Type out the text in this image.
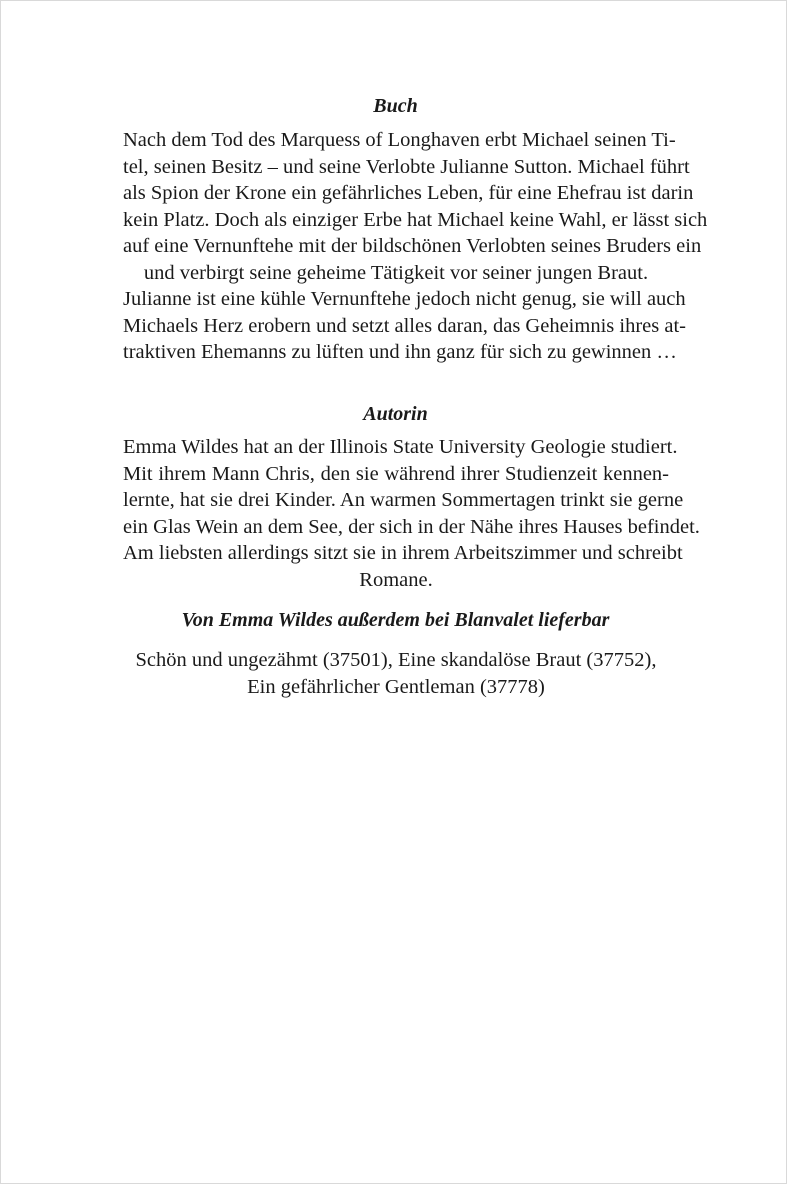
Buch

Nach dem Tod des Marquess of Longhaven erbt Michael seinen Ti-
tel, seinen Besitz – und seine Verlobte Julianne Sutton. Michael führt
als Spion der Krone ein gefährliches Leben, für eine Ehefrau ist darin
kein Platz. Doch als einziger Erbe hat Michael keine Wahl, er lässt sich
auf eine Vernunftehe mit der bildschönen Verlobten seines Bruders ein
und verbirgt seine geheime Tätigkeit vor seiner jungen Braut.
Julianne ist eine kühle Vernunftehe jedoch nicht genug, sie will auch
Michaels Herz erobern und setzt alles daran, das Geheimnis ihres at-
traktiven Ehemanns zu lüften und ihn ganz für sich zu gewinnen …

Autorin

Emma Wildes hat an der Illinois State University Geologie studiert.
Mit ihrem Mann Chris, den sie während ihrer Studienzeit kennen-
lernte, hat sie drei Kinder. An warmen Sommertagen trinkt sie gerne
ein Glas Wein an dem See, der sich in der Nähe ihres Hauses befindet.
Am liebsten allerdings sitzt sie in ihrem Arbeitszimmer und schreibt
Romane.

Von Emma Wildes außerdem bei Blanvalet lieferbar

Schön und ungezähmt (37501), Eine skandalöse Braut (37752),
Ein gefährlicher Gentleman (37778)
